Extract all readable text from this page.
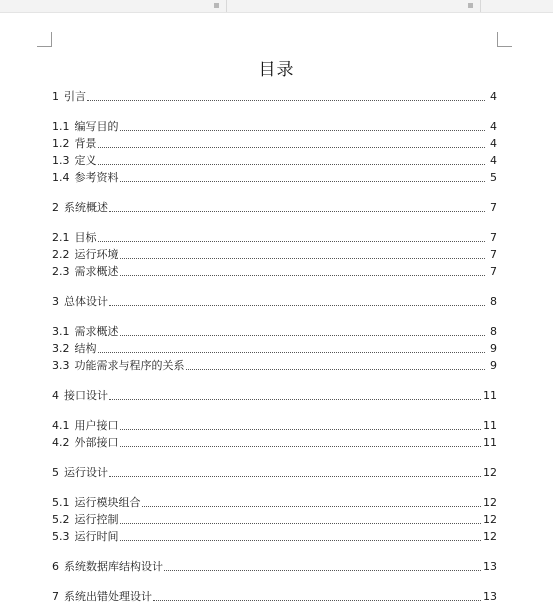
目录
1 引言	4
1.1 编写目的	4
1.2 背景	4
1.3 定义	4
1.4 参考资料	5
2 系统概述	7
2.1 目标	7
2.2 运行环境	7
2.3 需求概述	7
3 总体设计	8
3.1 需求概述	8
3.2 结构	9
3.3 功能需求与程序的关系	9
4 接口设计	11
4.1 用户接口	11
4.2 外部接口	11
5 运行设计	12
5.1 运行模块组合	12
5.2 运行控制	12
5.3 运行时间	12
6 系统数据库结构设计	13
7 系统出错处理设计	13
